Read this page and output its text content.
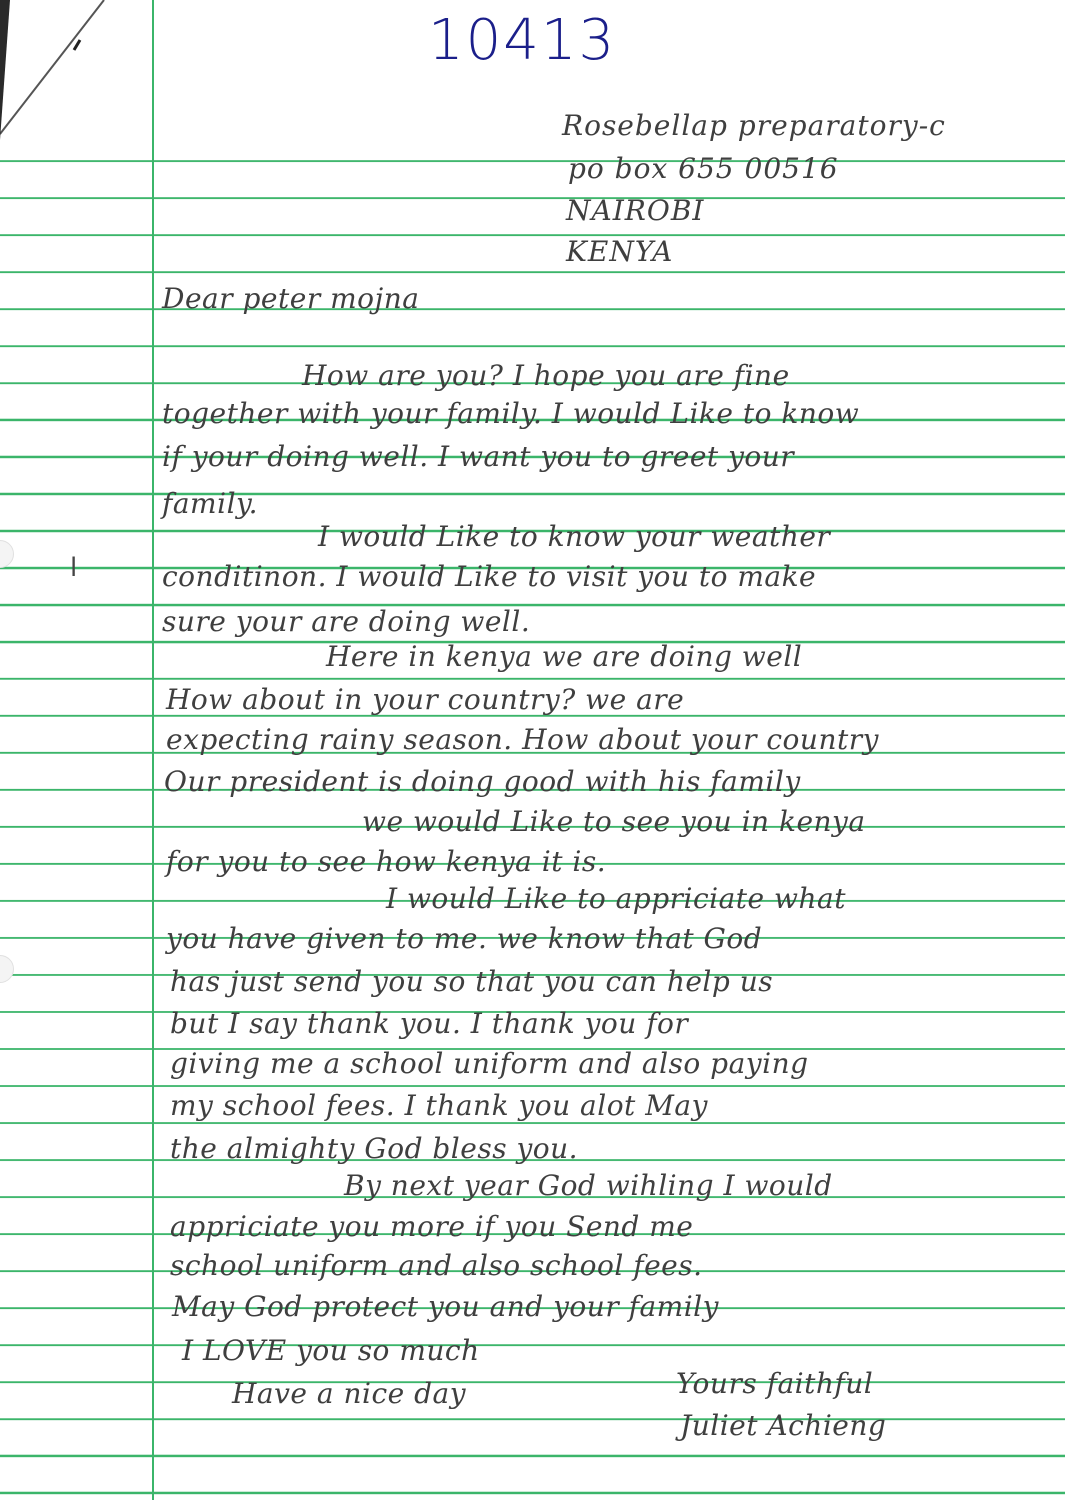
10413
Rosebellap preparatory-c
po box 655 00516
NAIROBI
KENYA
Dear peter mojna
How are you? I hope you are fine
together with your family. I would Like to know
if your doing well. I want you to greet your
family.
I would Like to know your weather
conditinon. I would Like to visit you to make
sure your are doing well.
Here in kenya we are doing well
How about in your country? we are
expecting rainy season. How about your country
Our president is doing good with his family
we would Like to see you in kenya
for you to see how kenya it is.
I would Like to appriciate what
you have given to me. we know that God
has just send you so that you can help us
but I say thank you. I thank you for
giving me a school uniform and also paying
my school fees. I thank you alot May
the almighty God bless you.
By next year God wihling I would
appriciate you more if you Send me
school uniform and also school fees.
May God protect you and your family
I LOVE you so much
Have a nice day	Yours faithful
Juliet Achieng
l
